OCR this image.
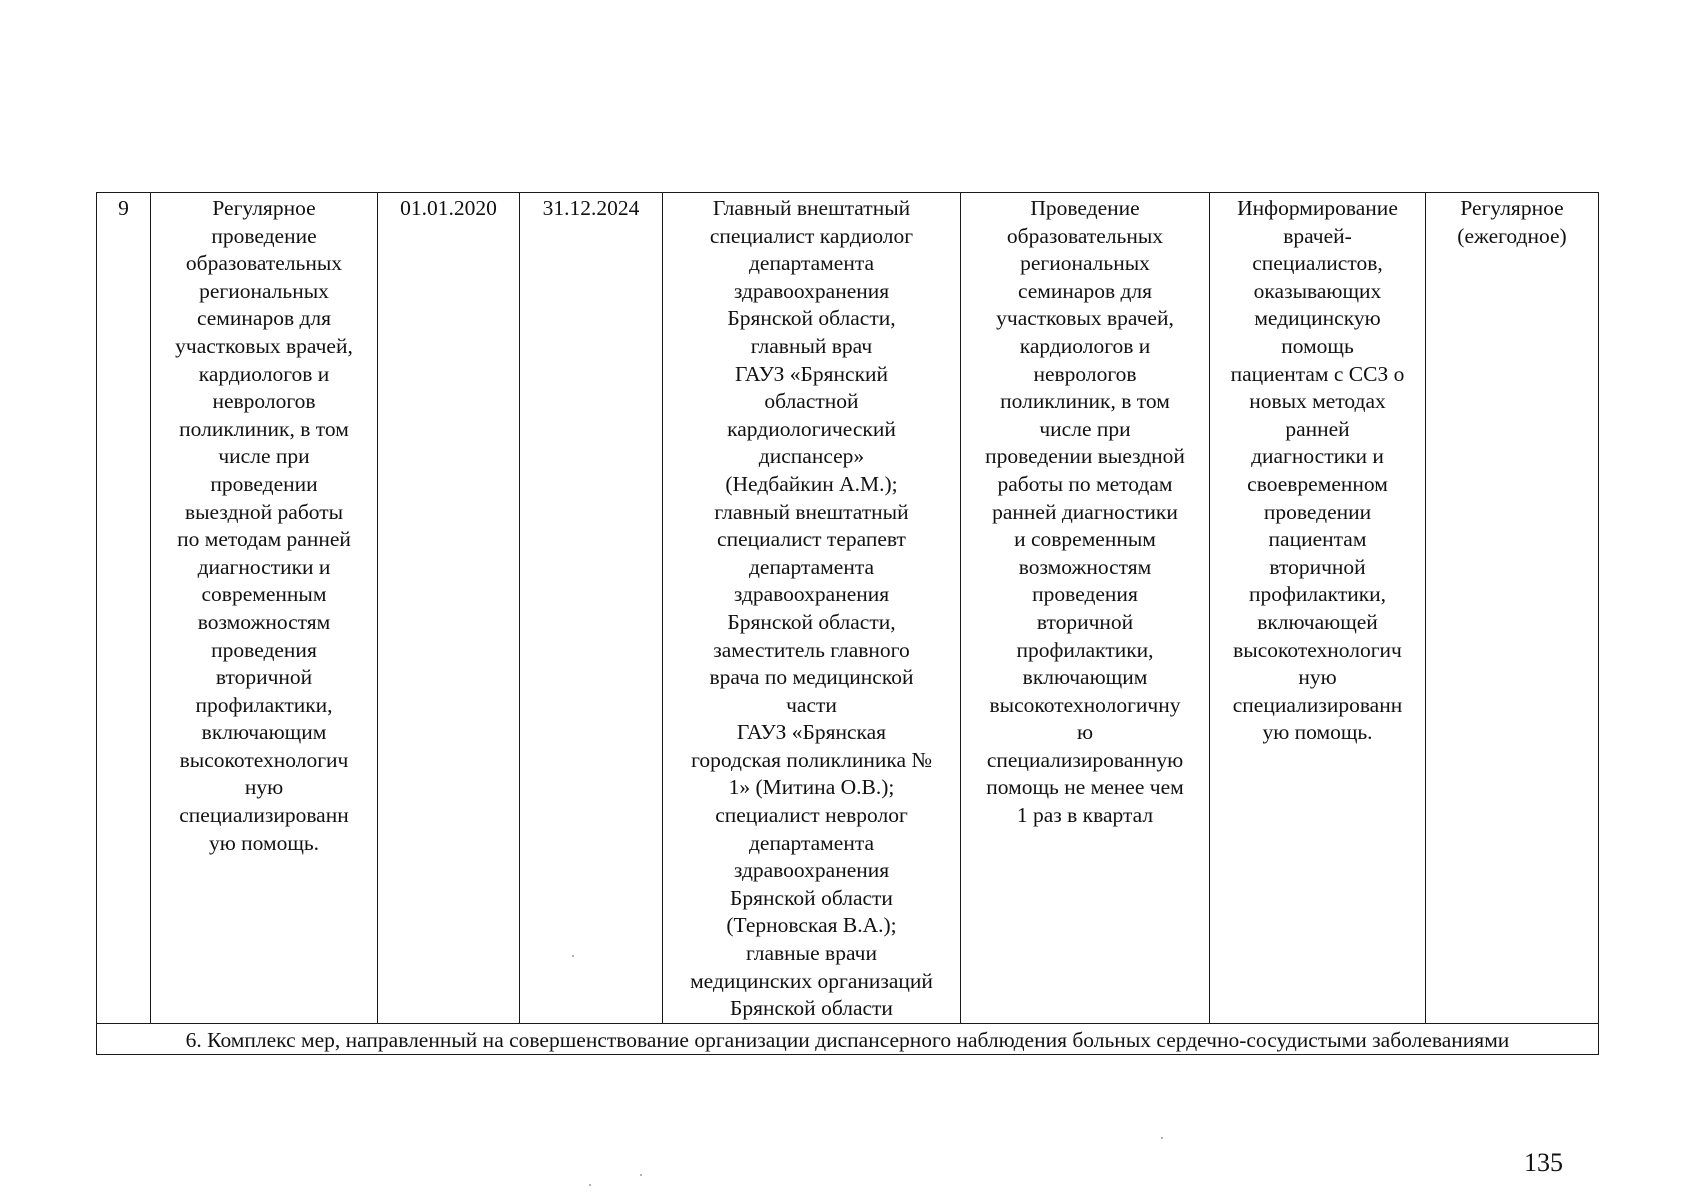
9	Регулярное
проведение
образовательных
региональных
семинаров для
участковых врачей,
кардиологов и
неврологов
поликлиник, в том
числе при
проведении
выездной работы
по методам ранней
диагностики и
современным
возможностям
проведения
вторичной
профилактики,
включающим
высокотехнологич
ную
специализированн
ую помощь.	01.01.2020	31.12.2024	Главный внештатный
специалист кардиолог
департамента
здравоохранения
Брянской области,
главный врач
ГАУЗ «Брянский
областной
кардиологический
диспансер»
(Недбайкин А.М.);
главный внештатный
специалист терапевт
департамента
здравоохранения
Брянской области,
заместитель главного
врача по медицинской
части
ГАУЗ «Брянская
городская поликлиника №
1» (Митина О.В.);
специалист невролог
департамента
здравоохранения
Брянской области
(Терновская В.А.);
главные врачи
медицинских организаций
Брянской области	Проведение
образовательных
региональных
семинаров для
участковых врачей,
кардиологов и
неврологов
поликлиник, в том
числе при
проведении выездной
работы по методам
ранней диагностики
и современным
возможностям
проведения
вторичной
профилактики,
включающим
высокотехнологичну
ю
специализированную
помощь не менее чем
1 раз в квартал	Информирование
врачей-
специалистов,
оказывающих
медицинскую
помощь
пациентам с ССЗ о
новых методах
ранней
диагностики и
своевременном
проведении
пациентам
вторичной
профилактики,
включающей
высокотехнологич
ную
специализированн
ую помощь.	Регулярное
(ежегодное)
6. Комплекс мер, направленный на совершенствование организации диспансерного наблюдения больных сердечно-сосудистыми заболеваниями
135
